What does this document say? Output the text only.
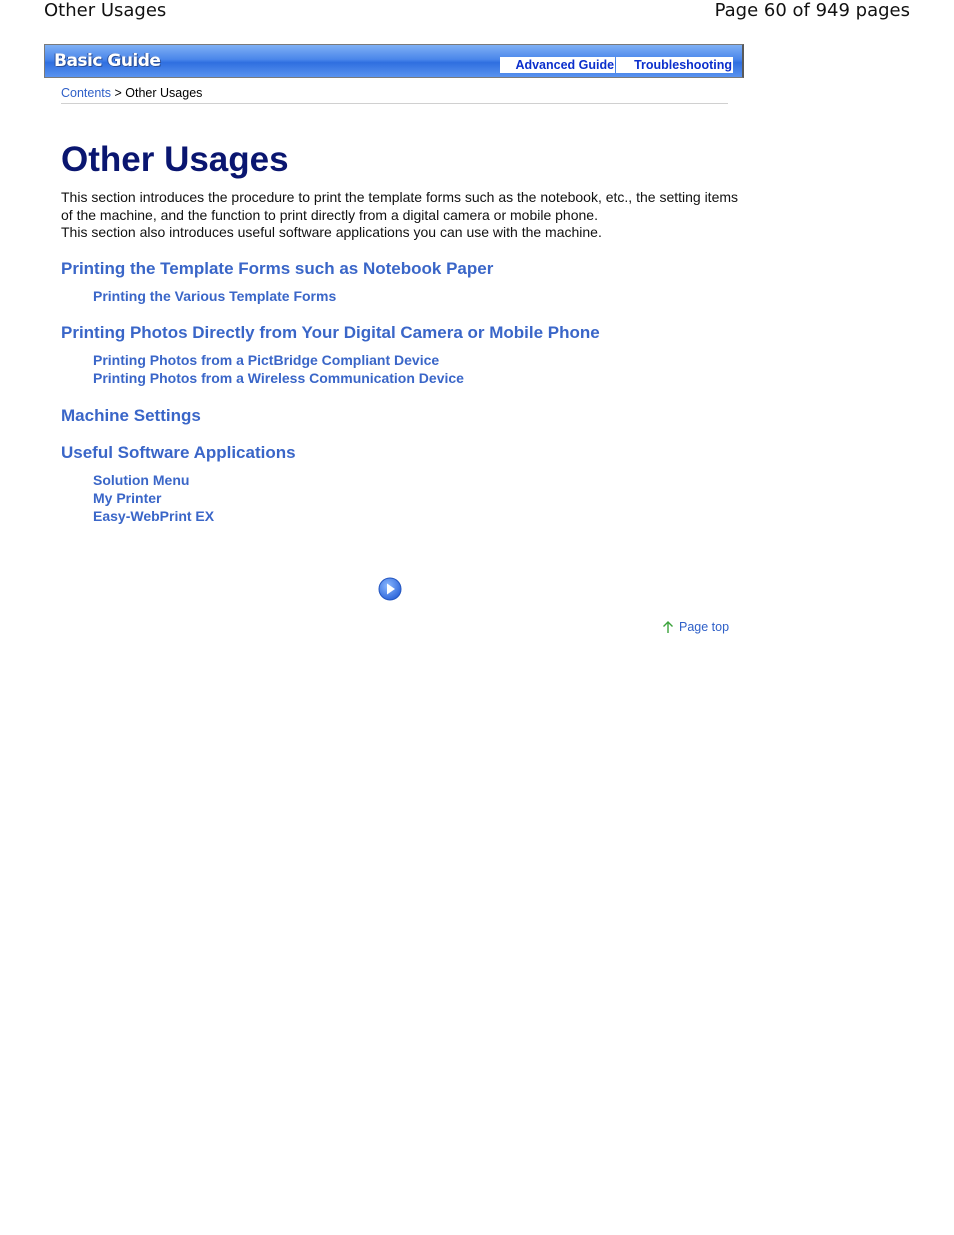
Other Usages	Page 60 of 949 pages
Basic Guide	Advanced Guide Troubleshooting
Contents > Other Usages
Other Usages

This section introduces the procedure to print the template forms such as the notebook, etc., the setting items of the machine, and the function to print directly from a digital camera or mobile phone.

This section also introduces useful software applications you can use with the machine.

Printing the Template Forms such as Notebook Paper
Printing the Various Template Forms
Printing Photos Directly from Your Digital Camera or Mobile Phone
Printing Photos from a PictBridge Compliant Device
Printing Photos from a Wireless Communication Device
Machine Settings
Useful Software Applications
Solution Menu
My Printer
Easy-WebPrint EX
Page top
